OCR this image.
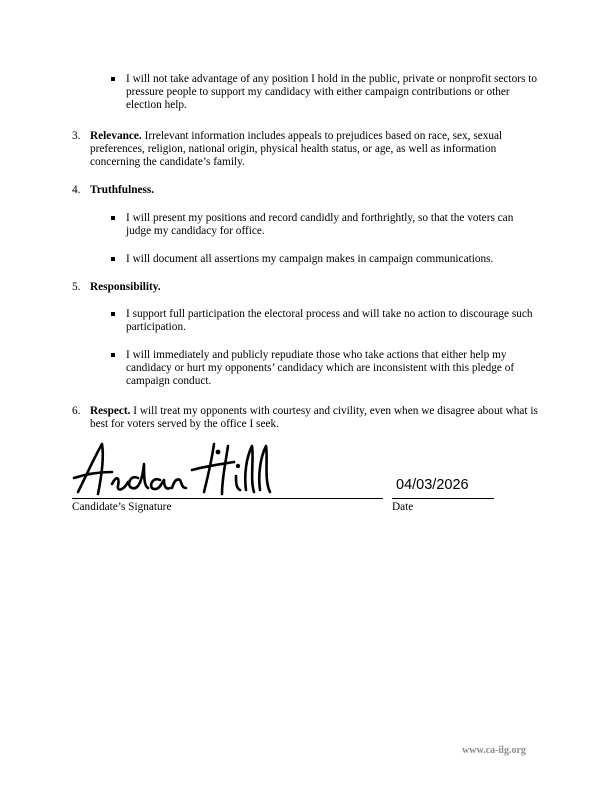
I will not take advantage of any position I hold in the public, private or nonprofit sectors to pressure people to support my candidacy with either campaign contributions or other election help.
3. Relevance. Irrelevant information includes appeals to prejudices based on race, sex, sexual preferences, religion, national origin, physical health status, or age, as well as information concerning the candidate’s family.
4. Truthfulness.
I will present my positions and record candidly and forthrightly, so that the voters can judge my candidacy for office.
I will document all assertions my campaign makes in campaign communications.
5. Responsibility.
I support full participation the electoral process and will take no action to discourage such participation.
I will immediately and publicly repudiate those who take actions that either help my candidacy or hurt my opponents’ candidacy which are inconsistent with this pledge of campaign conduct.
6. Respect. I will treat my opponents with courtesy and civility, even when we disagree about what is best for voters served by the office I seek.
04/03/2026
Candidate’s Signature	Date
www.ca-ilg.org
